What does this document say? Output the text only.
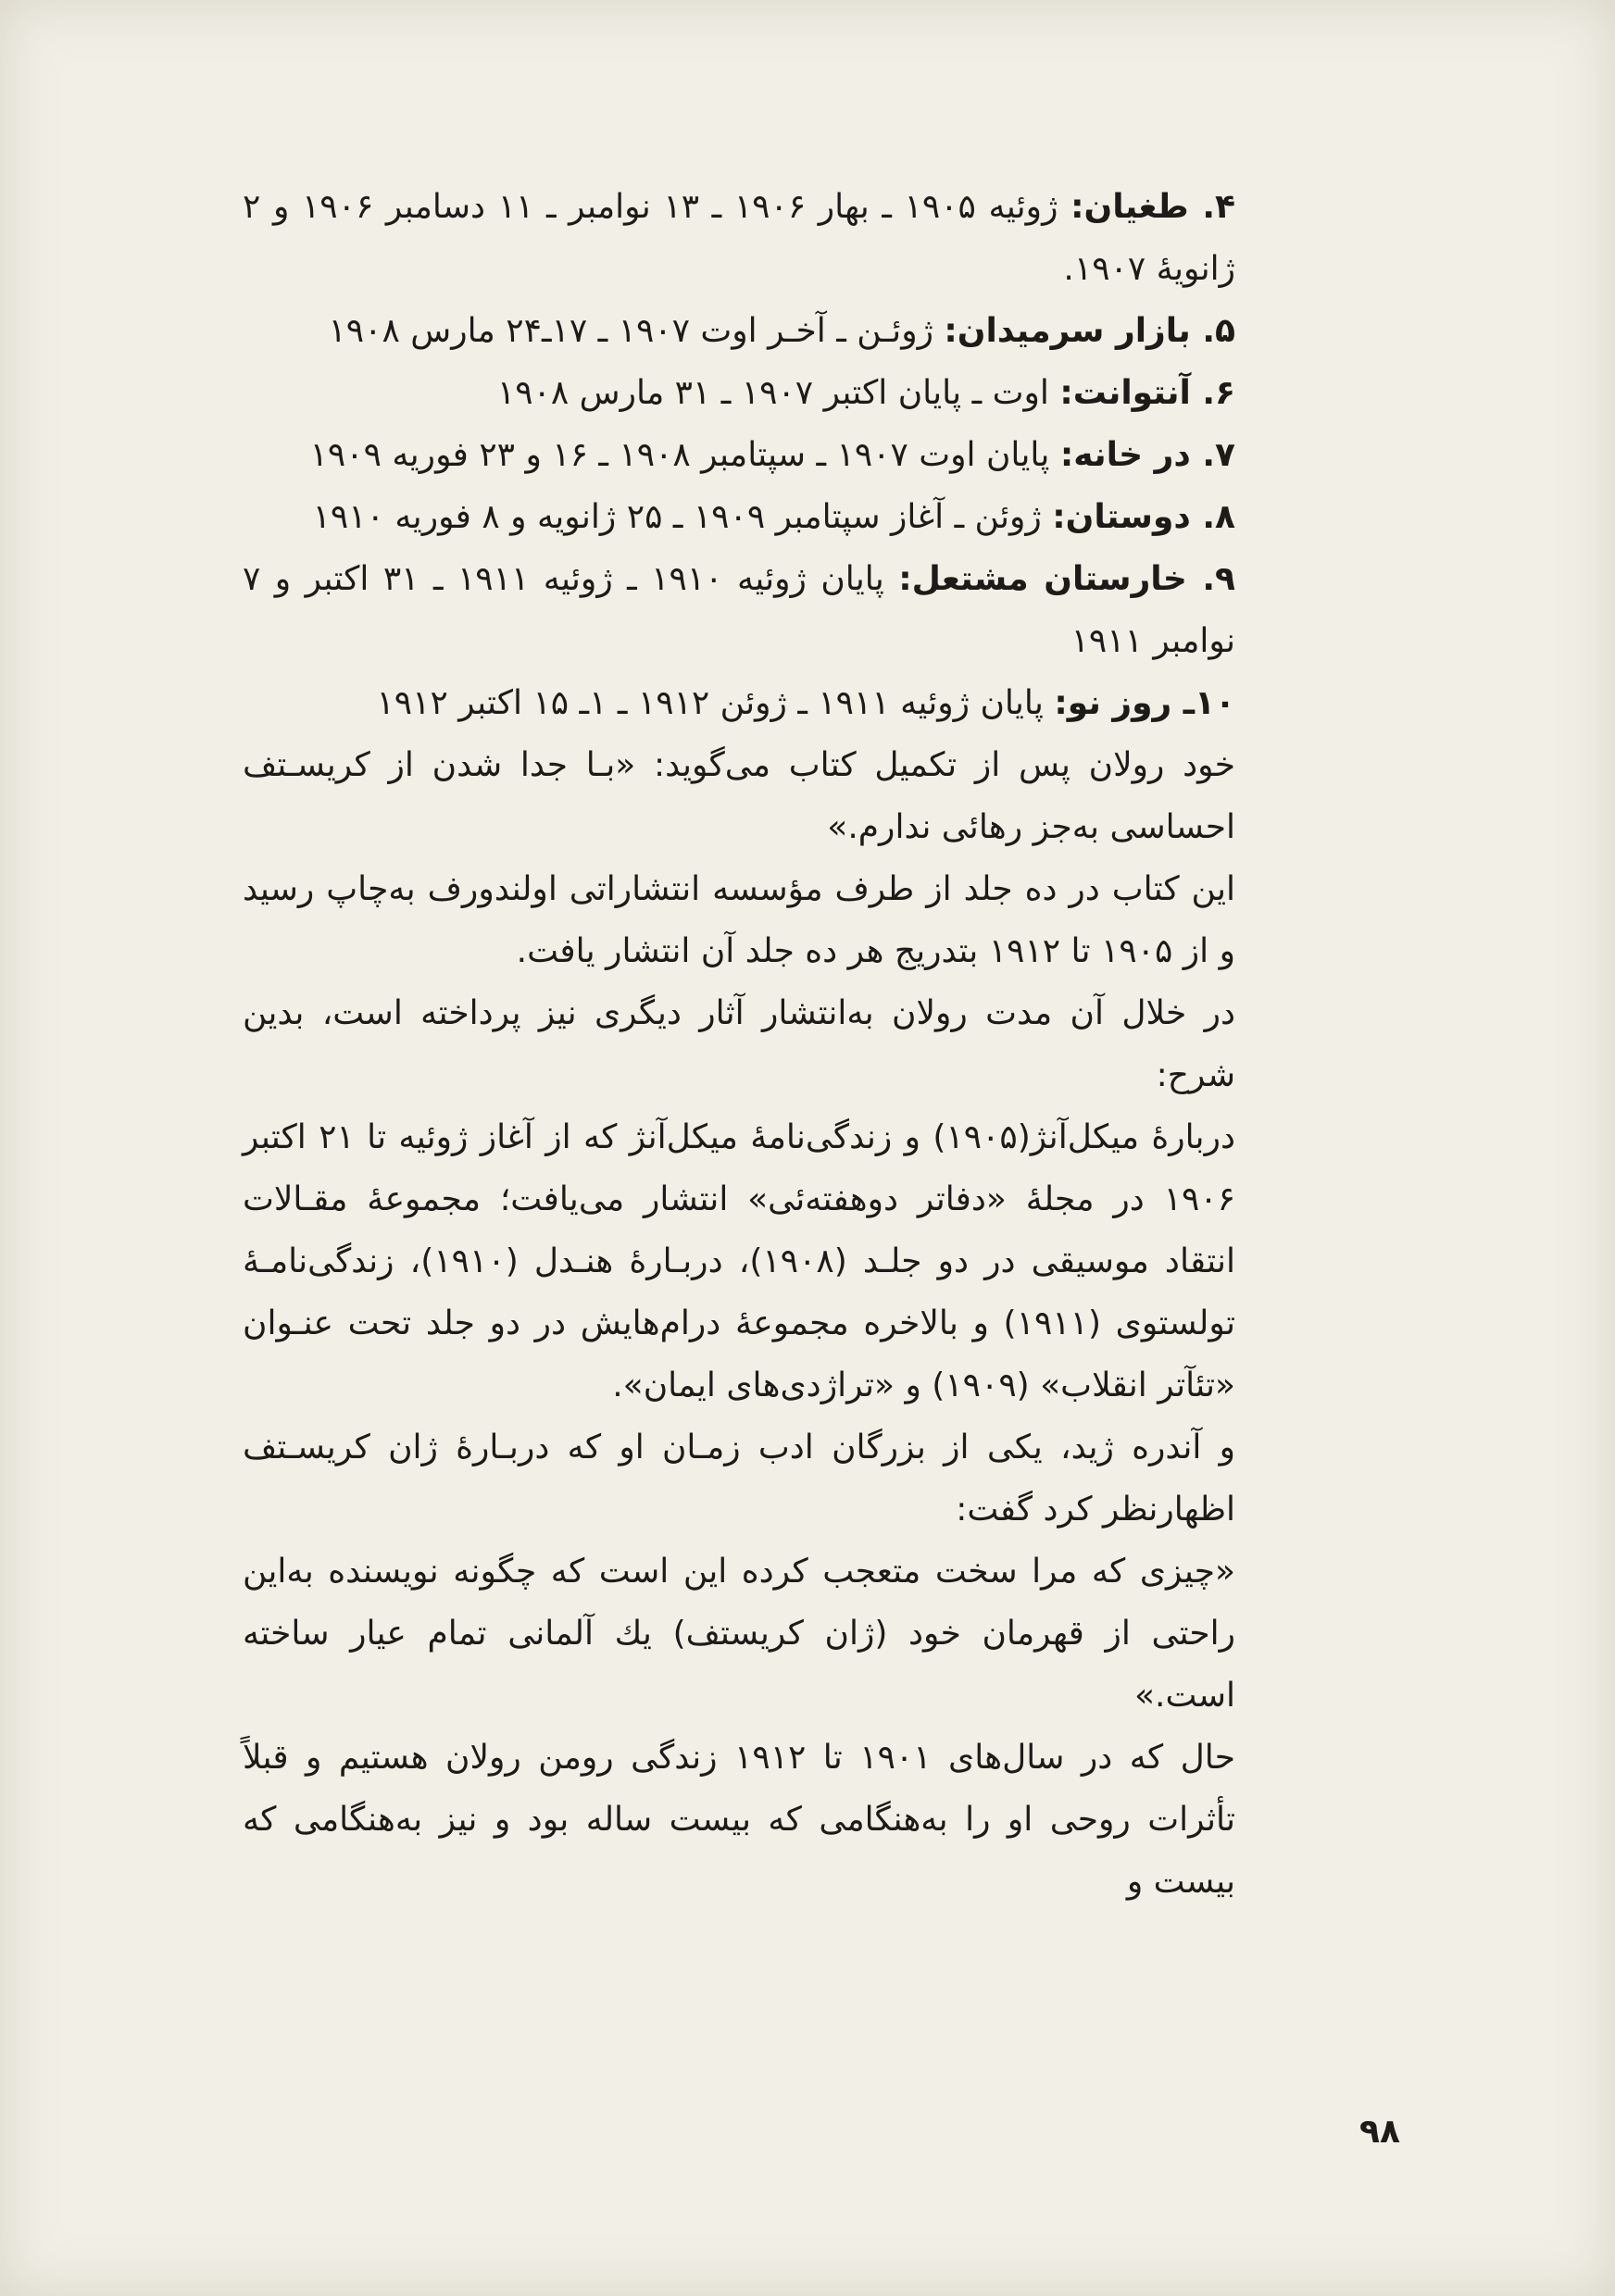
۴. طغیان: ژوئیه ۱۹۰۵ ـ بهار ۱۹۰۶ ـ ۱۳ نوامبر ـ ۱۱ دسامبر ۱۹۰۶ و ۲ ژانویهٔ ۱۹۰۷.

۵. بازار سرمیدان: ژوئـن ـ آخـر اوت ۱۹۰۷ ـ ۱۷ـ۲۴ مارس ۱۹۰۸

۶. آنتوانت: اوت ـ پایان اکتبر ۱۹۰۷ ـ ۳۱ مارس ۱۹۰۸

۷. در خانه: پایان اوت ۱۹۰۷ ـ سپتامبر ۱۹۰۸ ـ ۱۶ و ۲۳ فوریه ۱۹۰۹

۸. دوستان: ژوئن ـ آغاز سپتامبر ۱۹۰۹ ـ ۲۵ ژانویه و ۸ فوریه ۱۹۱۰

۹. خارستان مشتعل: پایان ژوئیه ۱۹۱۰ ـ ژوئیه ۱۹۱۱ ـ ۳۱ اکتبر و ۷ نوامبر ۱۹۱۱

۱۰ـ روز نو: پایان ژوئیه ۱۹۱۱ ـ ژوئن ۱۹۱۲ ـ ۱ـ ۱۵ اکتبر ۱۹۱۲

خود رولان پس از تکمیل کتاب می‌گوید: «بـا جدا شدن از کریسـتف احساسی به‌جز رهائی ندارم.»

این کتاب در ده جلد از طرف مؤسسه انتشاراتی اولندورف به‌چاپ رسید و از ۱۹۰۵ تا ۱۹۱۲ بتدریج هر ده جلد آن انتشار یافت.

در خلال آن مدت رولان به‌انتشار آثار دیگری نیز پرداخته است، بدین شرح:

دربارهٔ میکل‌آنژ(۱۹۰۵) و زندگی‌نامهٔ میکل‌آنژ که از آغاز ژوئیه تا ۲۱ اکتبر ۱۹۰۶ در مجلهٔ «دفاتر دوهفته‌ئی» انتشار می‌یافت؛ مجموعهٔ مقـالات انتقاد موسیقی در دو جلـد (۱۹۰۸)، دربـارهٔ هنـدل (۱۹۱۰)، زندگی‌نامـهٔ تولستوی (۱۹۱۱) و بالاخره مجموعهٔ درام‌هایش در دو جلد تحت عنـوان «تئآتر انقلاب» (۱۹۰۹) و «تراژدی‌های ایمان».

و آندره ژید، یکی از بزرگان ادب زمـان او که دربـارهٔ ژان کریسـتف اظهارنظر کرد گفت:

«چیزی که مرا سخت متعجب کرده این است که چگونه نویسنده به‌این راحتی از قهرمان خود (ژان کریستف) یك آلمانی تمام عیار ساخته است.»

حال که در سال‌های ۱۹۰۱ تا ۱۹۱۲ زندگی رومن رولان هستیم و قبلاً تأثرات روحی او را به‌هنگامی که بیست ساله بود و نیز به‌هنگامی که بیست و

۹۸
